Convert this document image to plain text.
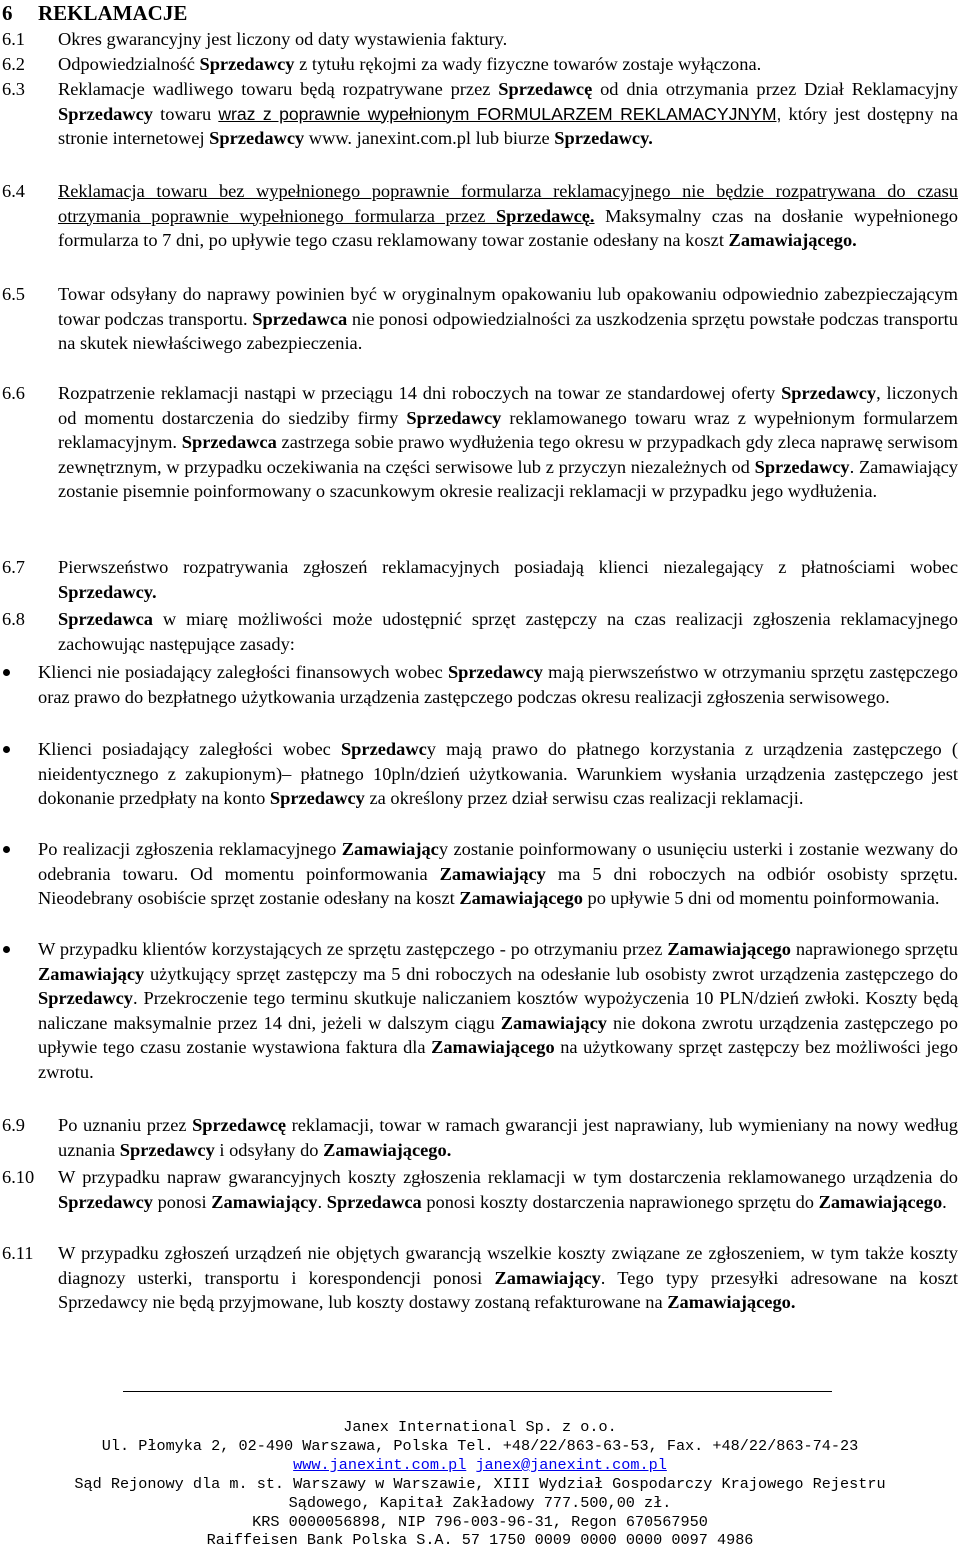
6 REKLAMACJE
6.1	Okres gwarancyjny jest liczony od daty wystawienia faktury.
6.2	Odpowiedzialność Sprzedawcy z tytułu rękojmi za wady fizyczne towarów zostaje wyłączona.
6.3	Reklamacje wadliwego towaru będą rozpatrywane przez Sprzedawcę od dnia otrzymania przez Dział Reklamacyjny Sprzedawcy towaru wraz z poprawnie wypełnionym FORMULARZEM REKLAMACYJNYM, który jest dostępny na stronie internetowej Sprzedawcy www. janexint.com.pl lub biurze Sprzedawcy.
6.4	Reklamacja towaru bez wypełnionego poprawnie formularza reklamacyjnego nie będzie rozpatrywana do czasu otrzymania poprawnie wypełnionego formularza przez Sprzedawcę. Maksymalny czas na dosłanie wypełnionego formularza to 7 dni, po upływie tego czasu reklamowany towar zostanie odesłany na koszt Zamawiającego.
6.5	Towar odsyłany do naprawy powinien być w oryginalnym opakowaniu lub opakowaniu odpowiednio zabezpieczającym towar podczas transportu. Sprzedawca nie ponosi odpowiedzialności za uszkodzenia sprzętu powstałe podczas transportu na skutek niewłaściwego zabezpieczenia.
6.6	Rozpatrzenie reklamacji nastąpi w przeciągu 14 dni roboczych na towar ze standardowej oferty Sprzedawcy, liczonych od momentu dostarczenia do siedziby firmy Sprzedawcy reklamowanego towaru wraz z wypełnionym formularzem reklamacyjnym. Sprzedawca zastrzega sobie prawo wydłużenia tego okresu w przypadkach gdy zleca naprawę serwisom zewnętrznym, w przypadku oczekiwania na części serwisowe lub z przyczyn niezależnych od Sprzedawcy. Zamawiający zostanie pisemnie poinformowany o szacunkowym okresie realizacji reklamacji w przypadku jego wydłużenia.
6.7	Pierwszeństwo rozpatrywania zgłoszeń reklamacyjnych posiadają klienci niezalegający z płatnościami wobec Sprzedawcy.
6.8	Sprzedawca w miarę możliwości może udostępnić sprzęt zastępczy na czas realizacji zgłoszenia reklamacyjnego zachowując następujące zasady:
Klienci nie posiadający zaległości finansowych wobec Sprzedawcy mają pierwszeństwo w otrzymaniu sprzętu zastępczego oraz prawo do bezpłatnego użytkowania urządzenia zastępczego podczas okresu realizacji zgłoszenia serwisowego.
Klienci posiadający zaległości wobec Sprzedawcy mają prawo do płatnego korzystania z urządzenia zastępczego ( nieidentycznego z zakupionym)– płatnego 10pln/dzień użytkowania. Warunkiem wysłania urządzenia zastępczego jest dokonanie przedpłaty na konto Sprzedawcy za określony przez dział serwisu czas realizacji reklamacji.
Po realizacji zgłoszenia reklamacyjnego Zamawiający zostanie poinformowany o usunięciu usterki i zostanie wezwany do odebrania towaru. Od momentu poinformowania Zamawiający ma 5 dni roboczych na odbiór osobisty sprzętu. Nieodebrany osobiście sprzęt zostanie odesłany na koszt Zamawiającego po upływie 5 dni od momentu poinformowania.
W przypadku klientów korzystających ze sprzętu zastępczego - po otrzymaniu przez Zamawiającego naprawionego sprzętu Zamawiający użytkujący sprzęt zastępczy ma 5 dni roboczych na odesłanie lub osobisty zwrot urządzenia zastępczego do Sprzedawcy. Przekroczenie tego terminu skutkuje naliczaniem kosztów wypożyczenia 10 PLN/dzień zwłoki. Koszty będą naliczane maksymalnie przez 14 dni, jeżeli w dalszym ciągu Zamawiający nie dokona zwrotu urządzenia zastępczego po upływie tego czasu zostanie wystawiona faktura dla Zamawiającego na użytkowany sprzęt zastępczy bez możliwości jego zwrotu.
6.9	Po uznaniu przez Sprzedawcę reklamacji, towar w ramach gwarancji jest naprawiany, lub wymieniany na nowy według uznania Sprzedawcy i odsyłany do Zamawiającego.
6.10	W przypadku napraw gwarancyjnych koszty zgłoszenia reklamacji w tym dostarczenia reklamowanego urządzenia do Sprzedawcy ponosi Zamawiający. Sprzedawca ponosi koszty dostarczenia naprawionego sprzętu do Zamawiającego.
6.11	W przypadku zgłoszeń urządzeń nie objętych gwarancją wszelkie koszty związane ze zgłoszeniem, w tym także koszty diagnozy usterki, transportu i korespondencji ponosi Zamawiający. Tego typy przesyłki adresowane na koszt Sprzedawcy nie będą przyjmowane, lub koszty dostawy zostaną refakturowane na Zamawiającego.
Janex International Sp. z o.o.
Ul. Płomyka 2, 02-490 Warszawa, Polska Tel. +48/22/863-63-53, Fax. +48/22/863-74-23
www.janexint.com.pl janex@janexint.com.pl
Sąd Rejonowy dla m. st. Warszawy w Warszawie, XIII Wydział Gospodarczy Krajowego Rejestru
Sądowego, Kapitał Zakładowy 777.500,00 zł.
KRS 0000056898, NIP 796-003-96-31, Regon 670567950
Raiffeisen Bank Polska S.A. 57 1750 0009 0000 0000 0097 4986
